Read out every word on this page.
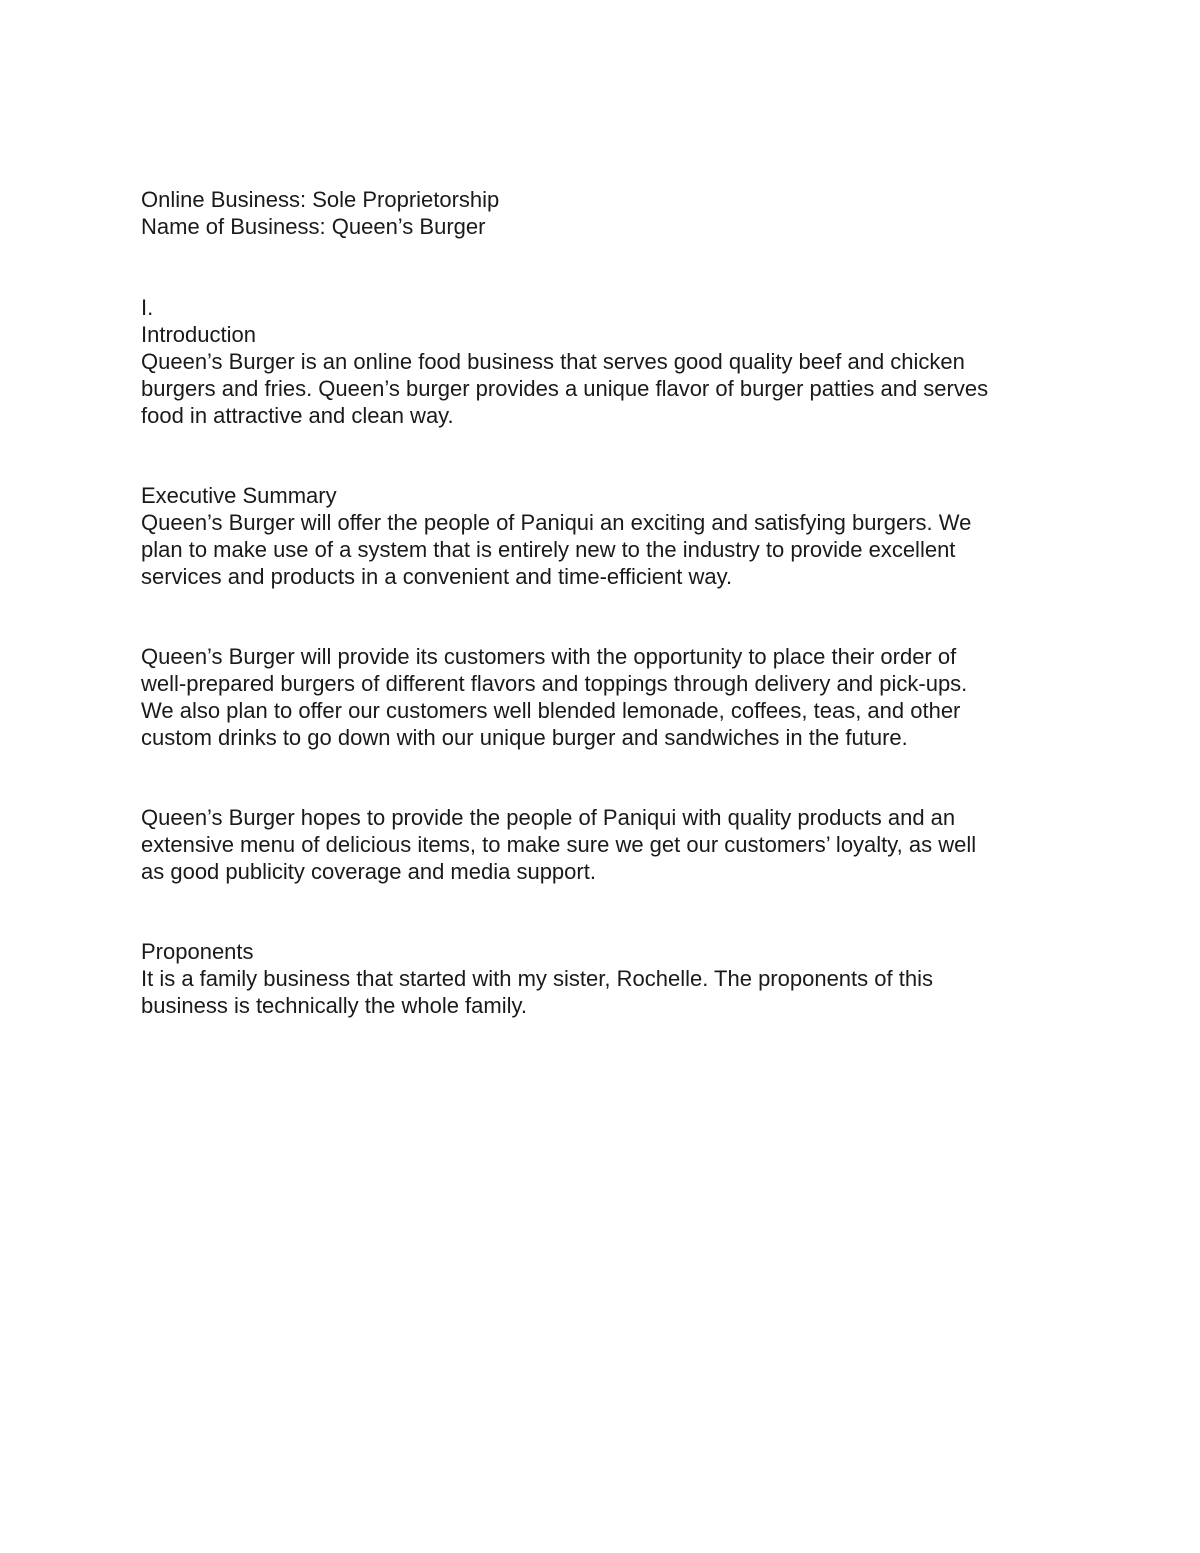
Online Business: Sole Proprietorship
Name of Business: Queen’s Burger
I.
Introduction
Queen’s Burger is an online food business that serves good quality beef and chicken
burgers and fries. Queen’s burger provides a unique flavor of burger patties and serves
food in attractive and clean way.
Executive Summary
Queen’s Burger will offer the people of Paniqui an exciting and satisfying burgers. We
plan to make use of a system that is entirely new to the industry to provide excellent
services and products in a convenient and time-efficient way.
Queen’s Burger will provide its customers with the opportunity to place their order of
well-prepared burgers of different flavors and toppings through delivery and pick-ups.
We also plan to offer our customers well blended lemonade, coffees, teas, and other
custom drinks to go down with our unique burger and sandwiches in the future.
Queen’s Burger hopes to provide the people of Paniqui with quality products and an
extensive menu of delicious items, to make sure we get our customers’ loyalty, as well
as good publicity coverage and media support.
Proponents
It is a family business that started with my sister, Rochelle. The proponents of this
business is technically the whole family.
